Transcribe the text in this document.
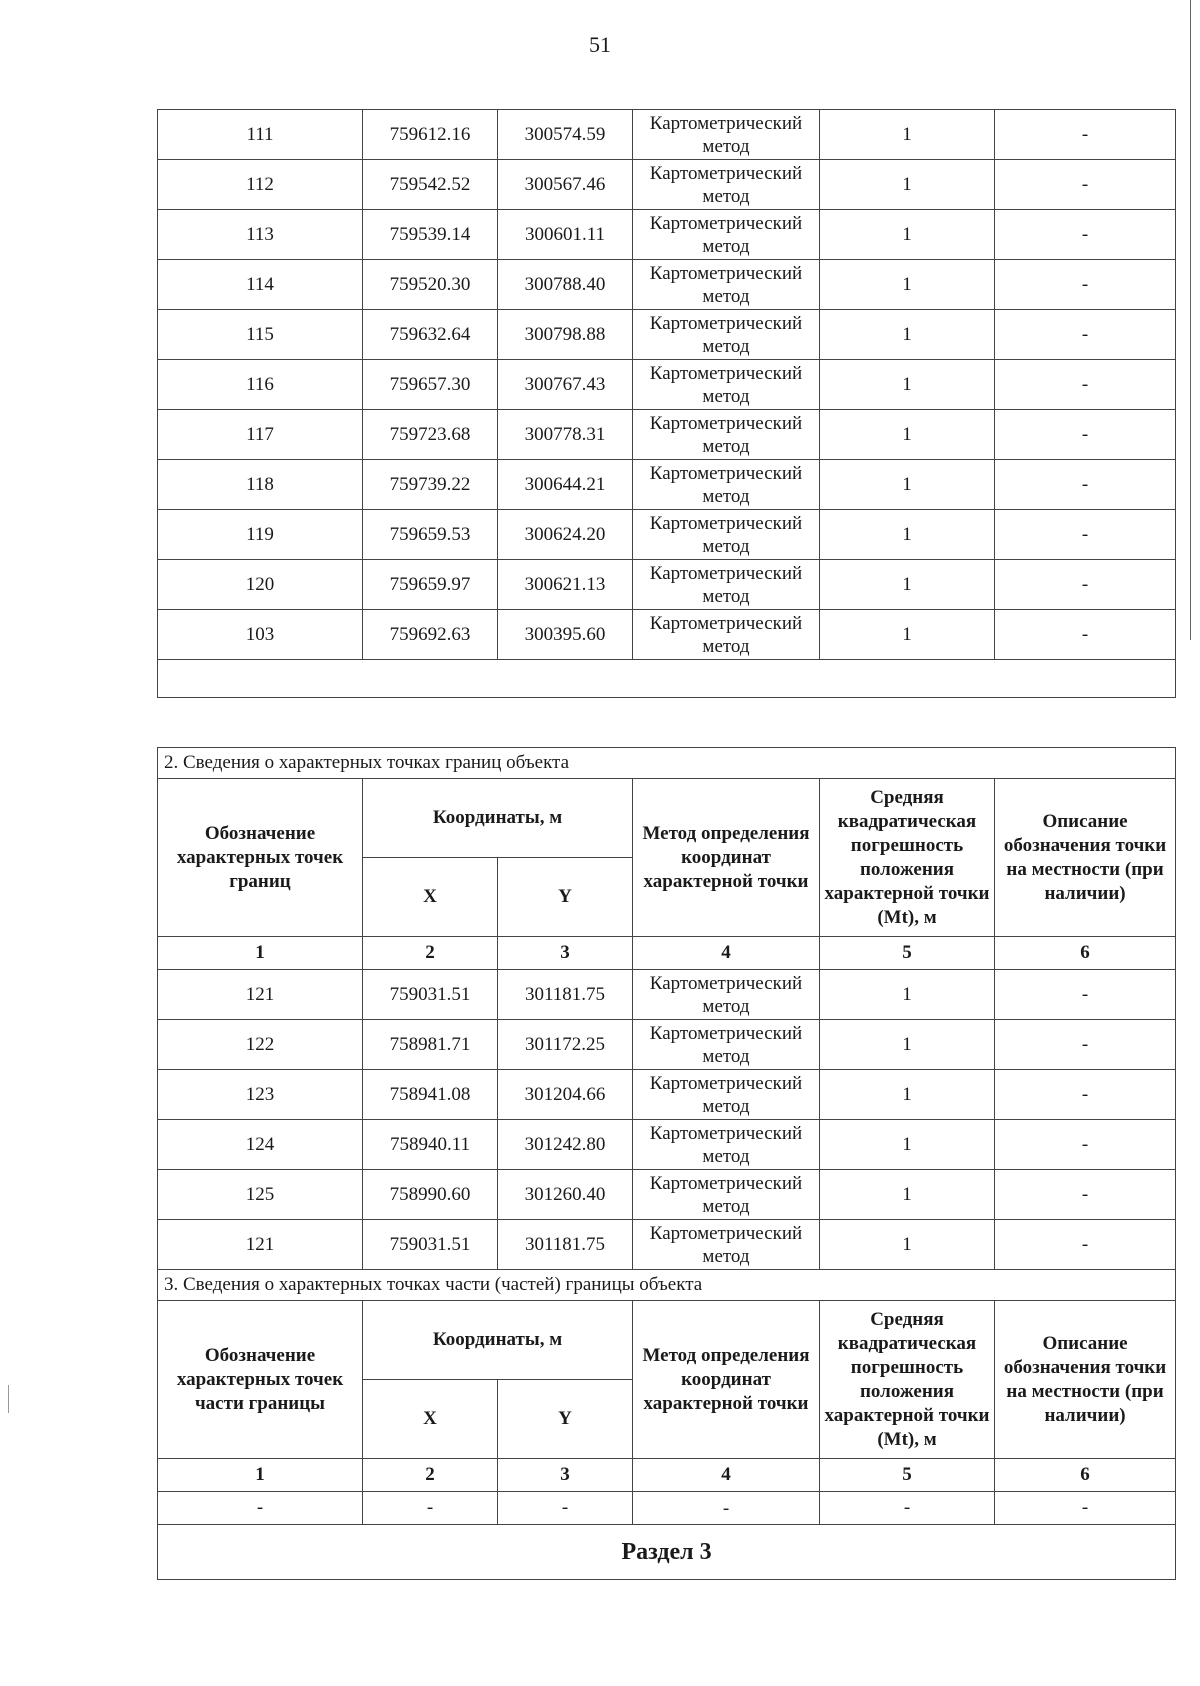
51
111	759612.16	300574.59	Картометрический метод	1	-
112	759542.52	300567.46	Картометрический метод	1	-
113	759539.14	300601.11	Картометрический метод	1	-
114	759520.30	300788.40	Картометрический метод	1	-
115	759632.64	300798.88	Картометрический метод	1	-
116	759657.30	300767.43	Картометрический метод	1	-
117	759723.68	300778.31	Картометрический метод	1	-
118	759739.22	300644.21	Картометрический метод	1	-
119	759659.53	300624.20	Картометрический метод	1	-
120	759659.97	300621.13	Картометрический метод	1	-
103	759692.63	300395.60	Картометрический метод	1	-

2. Сведения о характерных точках границ объекта					
Обозначение характерных точек границ	Координаты, м		Метод определения координат характерной точки	Средняя квадратическая погрешность положения характерной точки (Mt), м	Описание обозначения точки на местности (при наличии)
	X	Y			
1	2	3	4	5	6
121	759031.51	301181.75	Картометрический метод	1	-
122	758981.71	301172.25	Картометрический метод	1	-
123	758941.08	301204.66	Картометрический метод	1	-
124	758940.11	301242.80	Картометрический метод	1	-
125	758990.60	301260.40	Картометрический метод	1	-
121	759031.51	301181.75	Картометрический метод	1	-
3. Сведения о характерных точках части (частей) границы объекта					
Обозначение характерных точек части границы	Координаты, м		Метод определения координат характерной точки	Средняя квадратическая погрешность положения характерной точки (Mt), м	Описание обозначения точки на местности (при наличии)
	X	Y			
1	2	3	4	5	6
-	-	-	-	-	-
Раздел 3					
